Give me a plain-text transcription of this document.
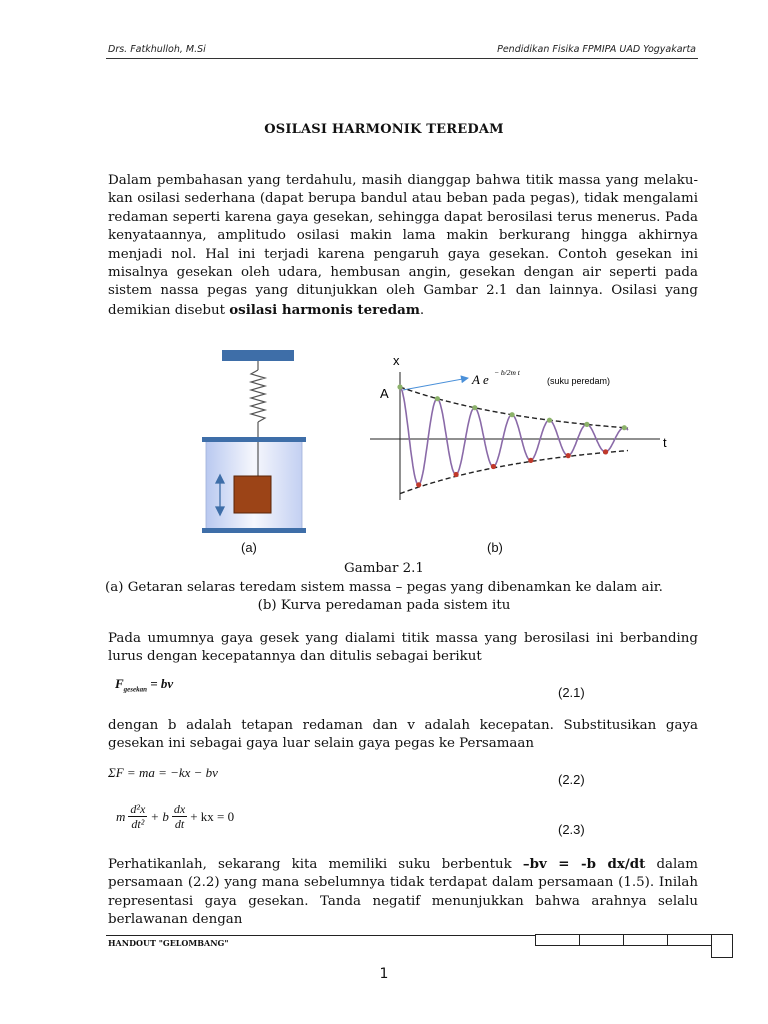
Drs. Fatkhulloh, M.Si	Pendidikan Fisika FPMIPA UAD Yogyakarta
OSILASI HARMONIK TEREDAM
Dalam pembahasan yang terdahulu, masih dianggap bahwa titik massa yang melaku-kan osilasi sederhana (dapat berupa bandul atau beban pada pegas), tidak mengalami redaman seperti karena gaya gesekan, sehingga dapat berosilasi terus menerus. Pada kenyataannya, amplitudo osilasi makin lama makin berkurang hingga akhirnya menjadi nol. Hal ini terjadi karena pengaruh gaya gesekan. Contoh gesekan ini misalnya gesekan oleh udara, hembusan angin, gesekan dengan air seperti pada sistem nassa pegas yang ditunjukkan oleh Gambar 2.1 dan lainnya. Osilasi yang demikian disebut osilasi harmonis teredam.
x
t
A
A e − b/2m t
(suku peredam)
(a)	(b)
Gambar 2.1
(a) Getaran selaras teredam sistem massa – pegas yang dibenamkan ke dalam air.
(b) Kurva peredaman pada sistem itu
Pada umumnya gaya gesek yang dialami titik massa yang berosilasi ini berbanding lurus dengan kecepatannya dan ditulis sebagai berikut
$F_{gesekan}$ = bv
(2.1)
dengan b adalah tetapan redaman dan v adalah kecepatan. Substitusikan gaya gesekan ini sebagai gaya luar selain gaya pegas ke Persamaan
ΣF = ma = −kx − bv	(2.2)
m $\frac{\text{d²x}}{\text{dt²}} + b \frac{dx}{dt}$ + kx = 0
(2.3)
Perhatikanlah, sekarang kita memiliki suku berbentuk –bv = -b dx/dt dalam persamaan (2.2) yang mana sebelumnya tidak terdapat dalam persamaan (1.5). Inilah representasi gaya gesekan. Tanda negatif menunjukkan bahwa arahnya selalu berlawanan dengan
HANDOUT "GELOMBANG"
1
